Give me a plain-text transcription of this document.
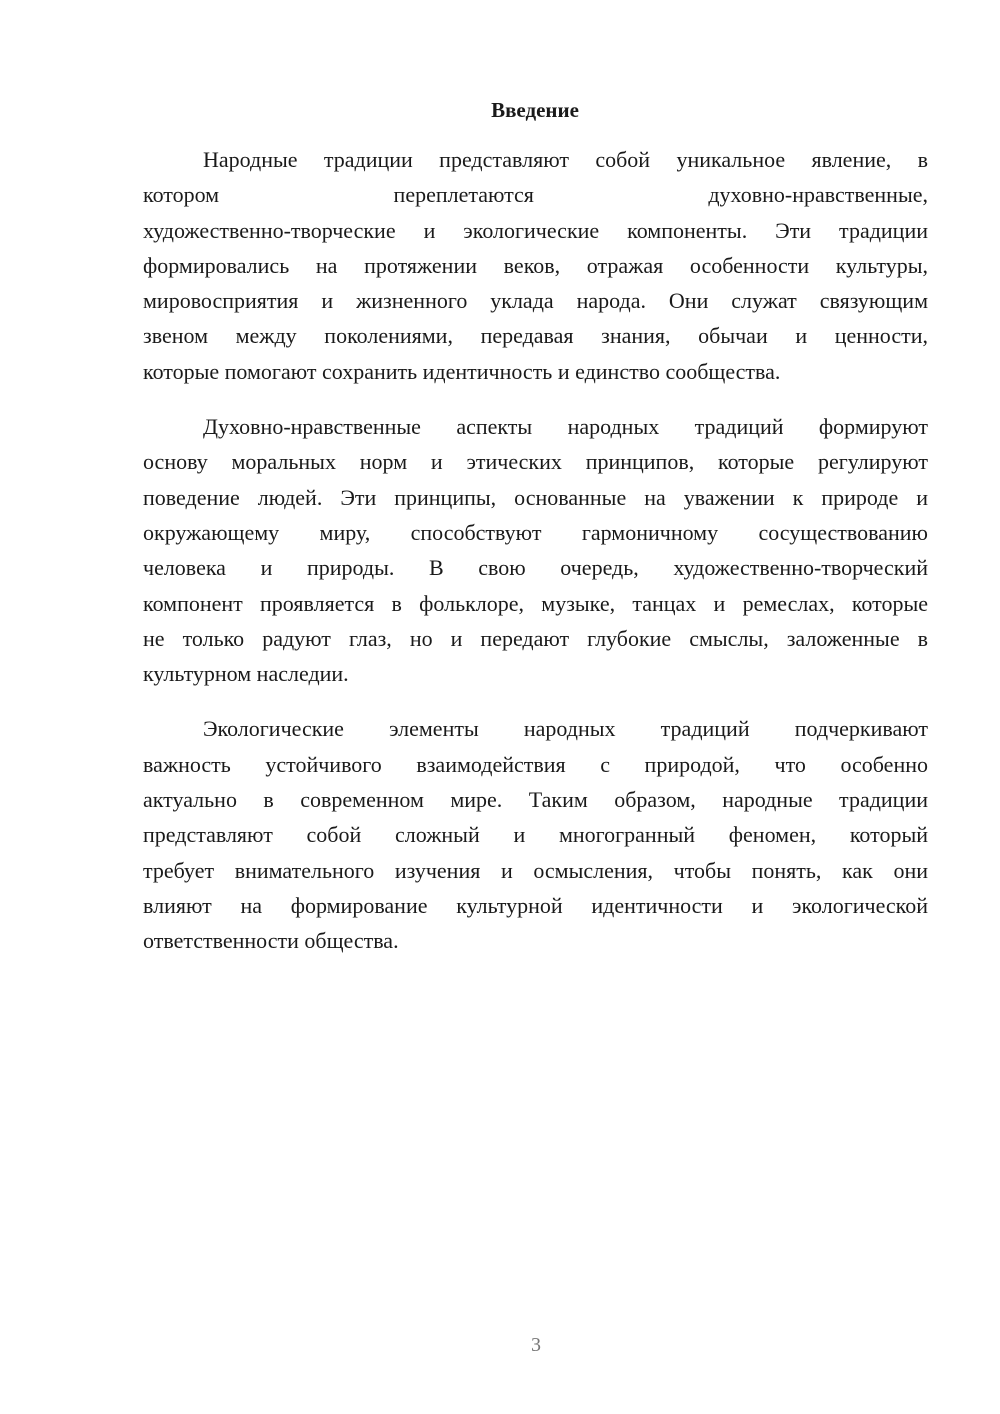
Введение
Народные традиции представляют собой уникальное явление, в
котором переплетаются духовно-нравственные,
художественно-творческие и экологические компоненты. Эти традиции
формировались на протяжении веков, отражая особенности культуры,
мировосприятия и жизненного уклада народа. Они служат связующим
звеном между поколениями, передавая знания, обычаи и ценности,
которые помогают сохранить идентичность и единство сообщества.
Духовно-нравственные аспекты народных традиций формируют
основу моральных норм и этических принципов, которые регулируют
поведение людей. Эти принципы, основанные на уважении к природе и
окружающему миру, способствуют гармоничному сосуществованию
человека и природы. В свою очередь, художественно-творческий
компонент проявляется в фольклоре, музыке, танцах и ремеслах, которые
не только радуют глаз, но и передают глубокие смыслы, заложенные в
культурном наследии.
Экологические элементы народных традиций подчеркивают
важность устойчивого взаимодействия с природой, что особенно
актуально в современном мире. Таким образом, народные традиции
представляют собой сложный и многогранный феномен, который
требует внимательного изучения и осмысления, чтобы понять, как они
влияют на формирование культурной идентичности и экологической
ответственности общества.
3
